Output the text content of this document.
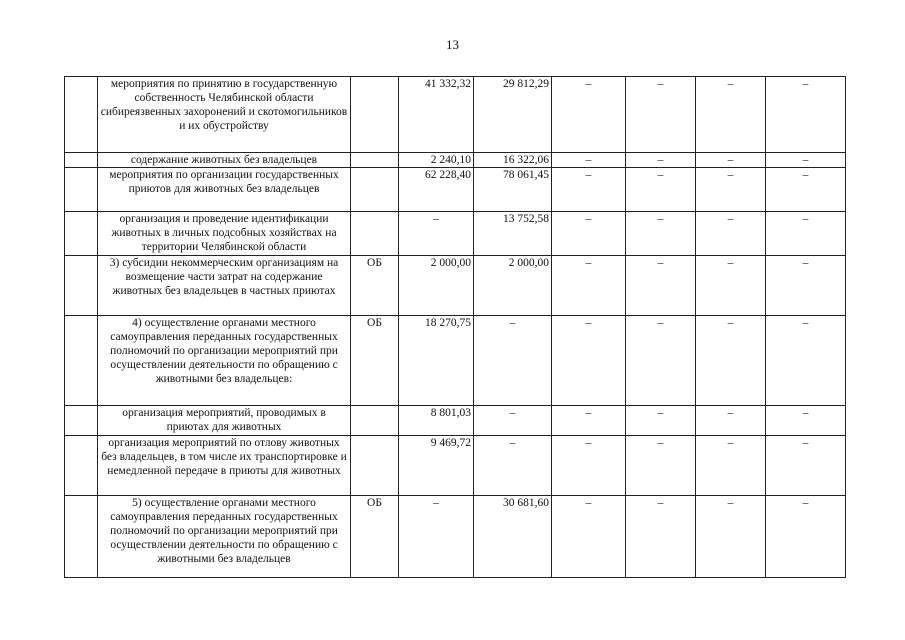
13
	мероприятия по принятию в государственную собственность Челябинской области сибиреязвенных захоронений и скотомогильников и их обустройству		41 332,32	29 812,29	–	–	–	–
	содержание животных без владельцев		2 240,10	16 322,06	–	–	–	–
	мероприятия по организации государственных приютов для животных без владельцев		62 228,40	78 061,45	–	–	–	–
	организация и проведение идентификации животных в личных подсобных хозяйствах на территории Челябинской области		–	13 752,58	–	–	–	–
	3) субсидии некоммерческим организациям на возмещение части затрат на содержание животных без владельцев в частных приютах	ОБ	2 000,00	2 000,00	–	–	–	–
	4) осуществление органами местного самоуправления переданных государственных полномочий по организации мероприятий при осуществлении деятельности по обращению с животными без владельцев:	ОБ	18 270,75	–	–	–	–	–
	организация мероприятий, проводимых в приютах для животных		8 801,03	–	–	–	–	–
	организация мероприятий по отлову животных без владельцев, в том числе их транспортировке и немедленной передаче в приюты для животных		9 469,72	–	–	–	–	–
	5) осуществление органами местного самоуправления переданных государственных полномочий по организации мероприятий при осуществлении деятельности по обращению с животными без владельцев	ОБ	–	30 681,60	–	–	–	–
